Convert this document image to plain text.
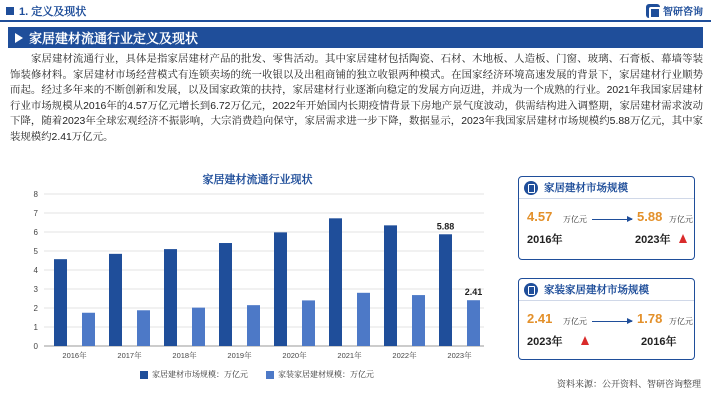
1. 定义及现状	智研咨询
家居建材流通行业定义及现状

家居建材流通行业，具体是指家居建材产品的批发、零售活动。其中家居建材包括陶瓷、石材、木地板、人造板、门窗、玻璃、石膏板、幕墙等装饰装修材料。家居建材市场经营模式有连锁卖场的统一收银以及出租商铺的独立收银两种模式。在国家经济环境高速发展的背景下，家居建材行业顺势而起。经过多年来的不断创新和发展，以及国家政策的扶持，家居建材行业逐渐向稳定的发展方向迈进，并成为一个成熟的行业。2021年我国家居建材行业市场规模从2016年的4.57万亿元增长到6.72万亿元，2022年开始国内长期疫情背景下房地产景气度波动，供需结构进入调整期，家居建材需求波动下降，随着2023年全球宏观经济不振影响，大宗消费趋向保守，家居需求进一步下降，数据显示，2023年我国家居建材市场规模约5.88万亿元，其中家装规模约2.41万亿元。

家居建材流通行业现状
0
1
2
3
4
5
6
7
8
2016年	2017年	2018年	2019年	2020年	2021年	2022年	2023年
5.88
2.41
家居建材市场规模：万亿元	家装家居建材规模：万亿元
家居建材市场规模
4.57 万亿元
2016年
5.88 万亿元
2023年
家装家居建材市场规模
2.41 万亿元
2023年
1.78 万亿元
2016年
资料来源：公开资料、智研咨询整理
